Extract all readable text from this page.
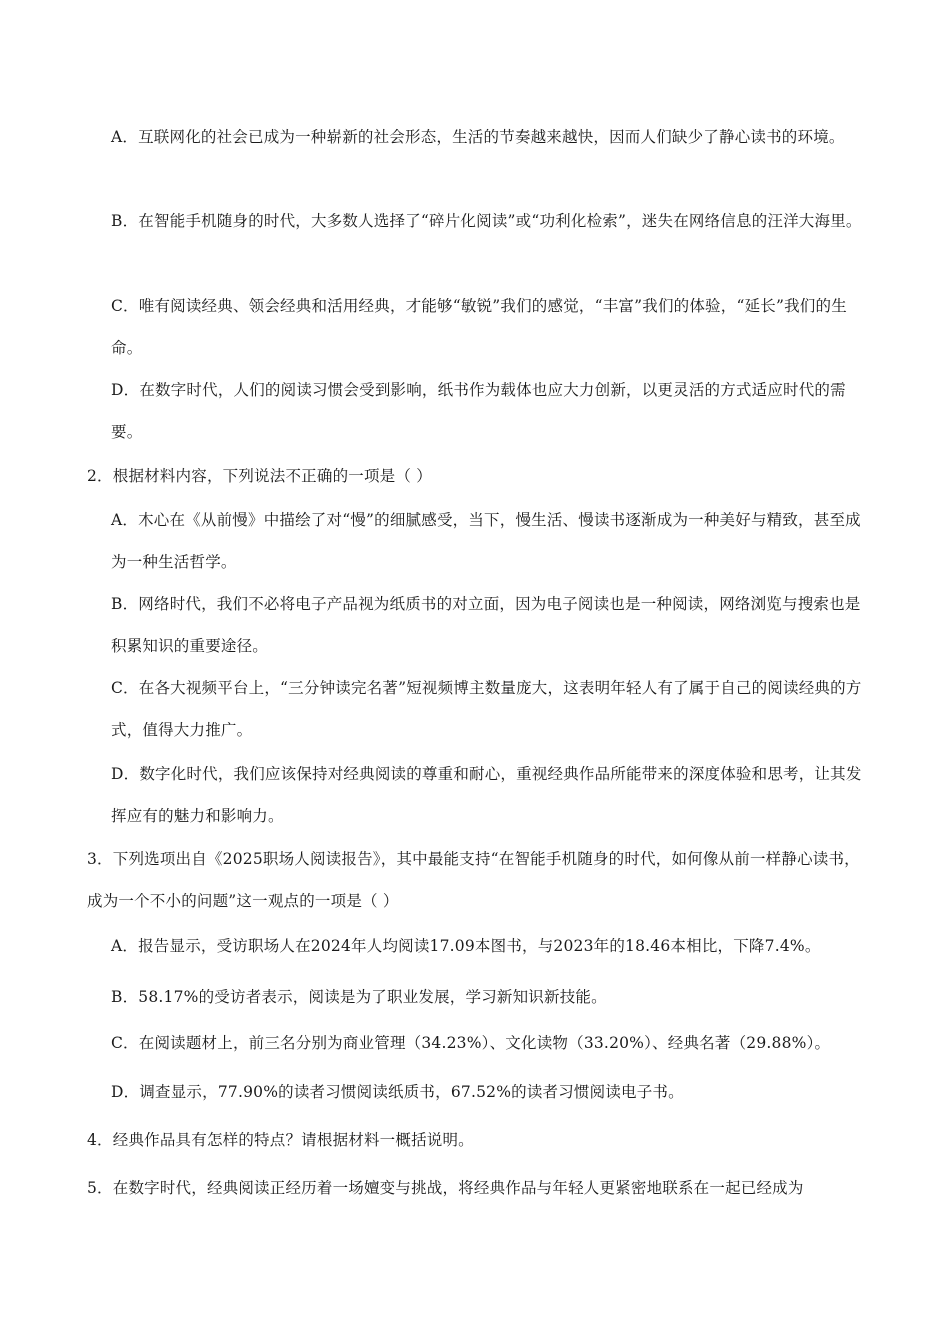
A．互联网化的社会已成为一种崭新的社会形态，生活的节奏越来越快，因而人们缺少了静心读书的环境。

B．在智能手机随身的时代，大多数人选择了“碎片化阅读”或“功利化检索”，迷失在网络信息的汪洋大海里。

C．唯有阅读经典、领会经典和活用经典，才能够“敏锐”我们的感觉，“丰富”我们的体验，“延长”我们的生命。

D．在数字时代，人们的阅读习惯会受到影响，纸书作为载体也应大力创新，以更灵活的方式适应时代的需要。

2．根据材料内容，下列说法不正确的一项是（ ）

A．木心在《从前慢》中描绘了对“慢”的细腻感受，当下，慢生活、慢读书逐渐成为一种美好与精致，甚至成为一种生活哲学。

B．网络时代，我们不必将电子产品视为纸质书的对立面，因为电子阅读也是一种阅读，网络浏览与搜索也是积累知识的重要途径。

C．在各大视频平台上，“三分钟读完名著”短视频博主数量庞大，这表明年轻人有了属于自己的阅读经典的方式，值得大力推广。

D．数字化时代，我们应该保持对经典阅读的尊重和耐心，重视经典作品所能带来的深度体验和思考，让其发挥应有的魅力和影响力。

3．下列选项出自《2025职场人阅读报告》，其中最能支持“在智能手机随身的时代，如何像从前一样静心读书，成为一个不小的问题”这一观点的一项是（ ）

A．报告显示，受访职场人在2024年人均阅读17.09本图书，与2023年的18.46本相比，下降7.4%。

B．58.17%的受访者表示，阅读是为了职业发展，学习新知识新技能。

C．在阅读题材上，前三名分别为商业管理（34.23%）、文化读物（33.20%）、经典名著（29.88%）。

D．调查显示，77.90%的读者习惯阅读纸质书，67.52%的读者习惯阅读电子书。

4．经典作品具有怎样的特点？请根据材料一概括说明。

5．在数字时代，经典阅读正经历着一场嬗变与挑战，将经典作品与年轻人更紧密地联系在一起已经成为
